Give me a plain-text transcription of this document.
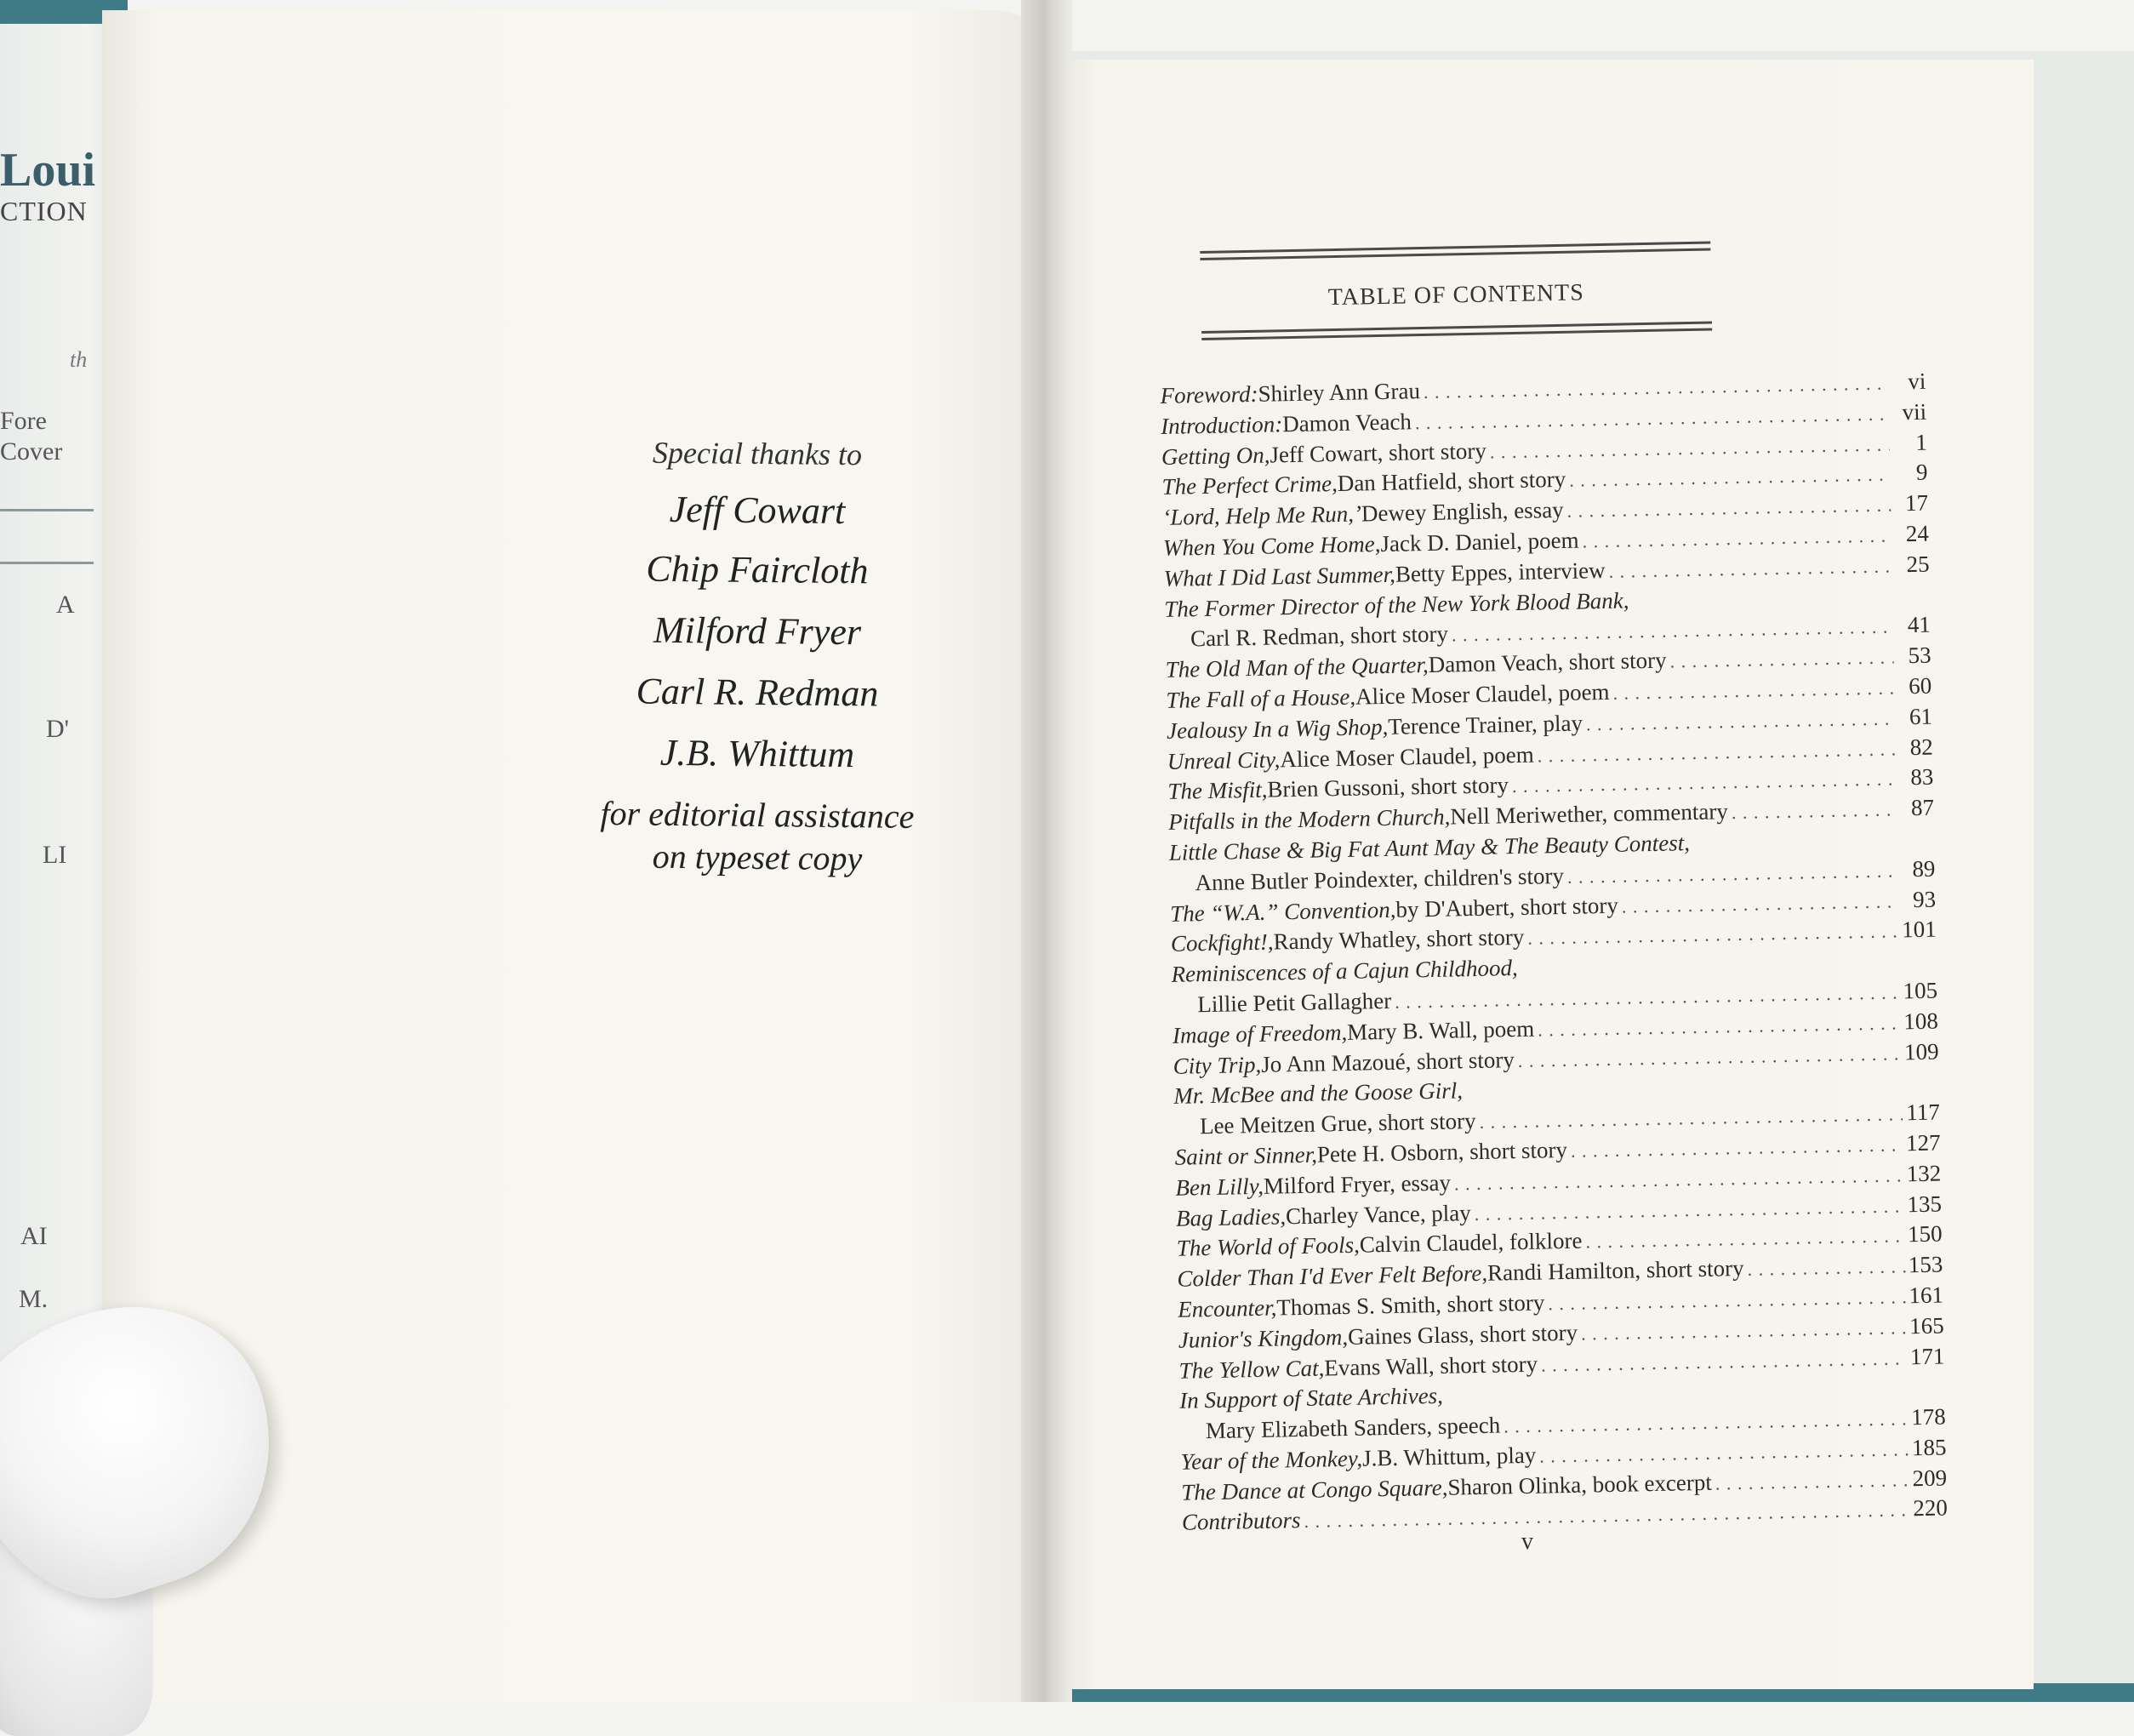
Loui
CTION
th
Fore
Cover
A
D'
LI
AI
M.
Special thanks to
Jeff Cowart
Chip Faircloth
Milford Fryer
Carl R. Redman
J.B. Whittum
for editorial assistance
on typeset copy
TABLE OF CONTENTS
Foreword: Shirley Ann Grau . . .	vi
Introduction: Damon Veach . . .	vii
Getting On, Jeff Cowart, short story . . .	1
The Perfect Crime, Dan Hatfield, short story . . .	9
‘Lord, Help Me Run,’ Dewey English, essay . . .	17
When You Come Home, Jack D. Daniel, poem . . .	24
What I Did Last Summer, Betty Eppes, interview . . .	25
The Former Director of the New York Blood Bank,
Carl R. Redman, short story . . .	41
The Old Man of the Quarter, Damon Veach, short story . . .	53
The Fall of a House, Alice Moser Claudel, poem . . .	60
Jealousy In a Wig Shop, Terence Trainer, play . . .	61
Unreal City, Alice Moser Claudel, poem . . .	82
The Misfit, Brien Gussoni, short story . . .	83
Pitfalls in the Modern Church, Nell Meriwether, commentary . . .	87
Little Chase & Big Fat Aunt May & The Beauty Contest,
Anne Butler Poindexter, children's story . . .	89
The “W.A.” Convention, by D'Aubert, short story . . .	93
Cockfight!, Randy Whatley, short story . . .	101
Reminiscences of a Cajun Childhood,
Lillie Petit Gallagher . . .	105
Image of Freedom, Mary B. Wall, poem . . .	108
City Trip, Jo Ann Mazoué, short story . . .	109
Mr. McBee and the Goose Girl,
Lee Meitzen Grue, short story . . .	117
Saint or Sinner, Pete H. Osborn, short story . . .	127
Ben Lilly, Milford Fryer, essay . . .	132
Bag Ladies, Charley Vance, play . . .	135
The World of Fools, Calvin Claudel, folklore . . .	150
Colder Than I'd Ever Felt Before, Randi Hamilton, short story . . .	153
Encounter, Thomas S. Smith, short story . . .	161
Junior's Kingdom, Gaines Glass, short story . . .	165
The Yellow Cat, Evans Wall, short story . . .	171
In Support of State Archives,
Mary Elizabeth Sanders, speech . . .	178
Year of the Monkey, J.B. Whittum, play . . .	185
The Dance at Congo Square, Sharon Olinka, book excerpt . . .	209
Contributors . . .	220
v
